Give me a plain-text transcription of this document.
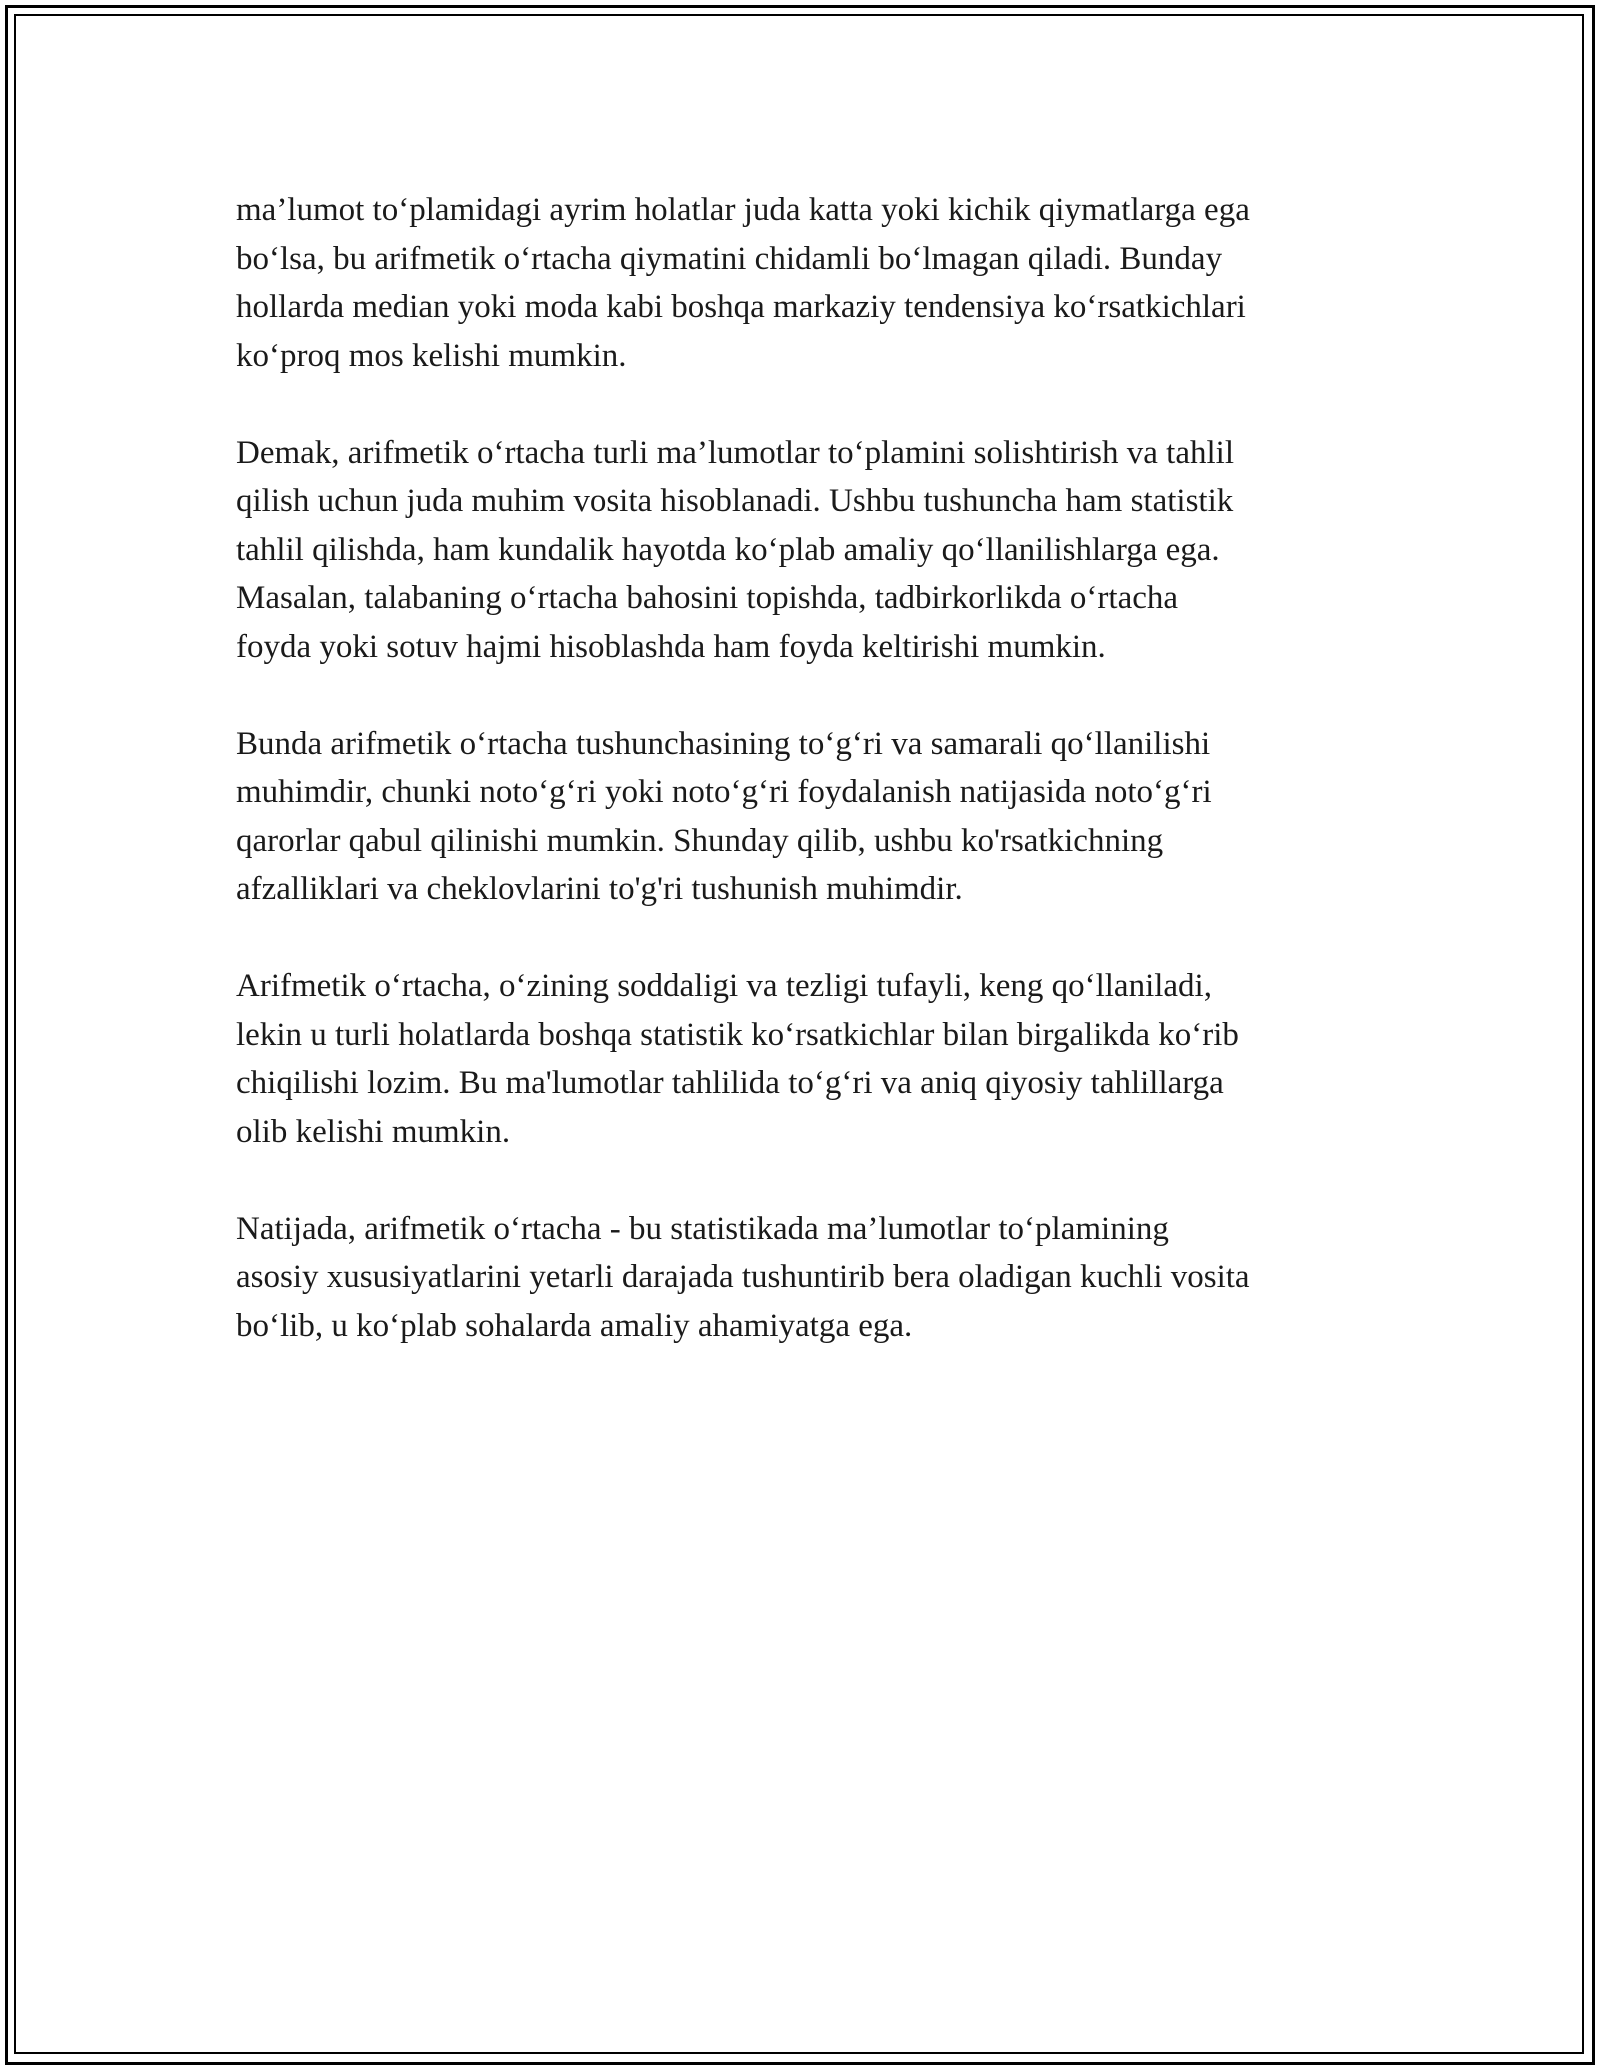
ma’lumot to‘plamidagi ayrim holatlar juda katta yoki kichik qiymatlarga ega
bo‘lsa, bu arifmetik o‘rtacha qiymatini chidamli bo‘lmagan qiladi. Bunday
hollarda median yoki moda kabi boshqa markaziy tendensiya ko‘rsatkichlari
ko‘proq mos kelishi mumkin.

Demak, arifmetik o‘rtacha turli ma’lumotlar to‘plamini solishtirish va tahlil
qilish uchun juda muhim vosita hisoblanadi. Ushbu tushuncha ham statistik
tahlil qilishda, ham kundalik hayotda ko‘plab amaliy qo‘llanilishlarga ega.
Masalan, talabaning o‘rtacha bahosini topishda, tadbirkorlikda o‘rtacha
foyda yoki sotuv hajmi hisoblashda ham foyda keltirishi mumkin.

Bunda arifmetik o‘rtacha tushunchasining to‘g‘ri va samarali qo‘llanilishi
muhimdir, chunki noto‘g‘ri yoki noto‘g‘ri foydalanish natijasida noto‘g‘ri
qarorlar qabul qilinishi mumkin. Shunday qilib, ushbu ko'rsatkichning
afzalliklari va cheklovlarini to'g'ri tushunish muhimdir.

Arifmetik o‘rtacha, o‘zining soddaligi va tezligi tufayli, keng qo‘llaniladi,
lekin u turli holatlarda boshqa statistik ko‘rsatkichlar bilan birgalikda ko‘rib
chiqilishi lozim. Bu ma'lumotlar tahlilida to‘g‘ri va aniq qiyosiy tahlillarga
olib kelishi mumkin.

Natijada, arifmetik o‘rtacha - bu statistikada ma’lumotlar to‘plamining
asosiy xususiyatlarini yetarli darajada tushuntirib bera oladigan kuchli vosita
bo‘lib, u ko‘plab sohalarda amaliy ahamiyatga ega.
